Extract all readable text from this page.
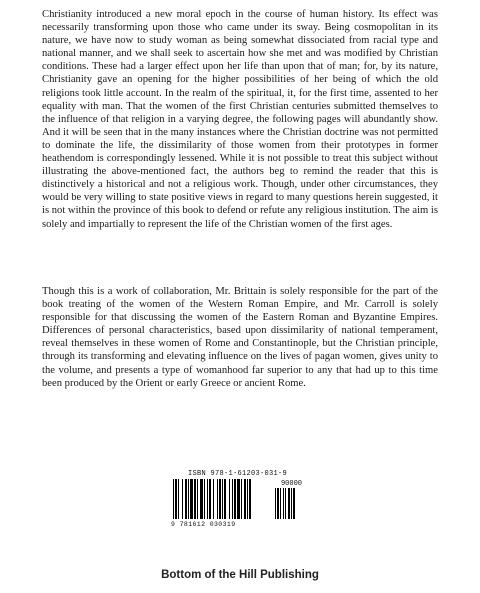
Christianity introduced a new moral epoch in the course of human history. Its effect was necessarily transforming upon those who came under its sway. Being cosmopolitan in its nature, we have now to study woman as being somewhat dissociated from racial type and national manner, and we shall seek to ascertain how she met and was modified by Christian conditions. These had a larger effect upon her life than upon that of man; for, by its nature, Christianity gave an opening for the higher possibilities of her being of which the old religions took little account. In the realm of the spiritual, it, for the first time, assented to her equality with man. That the women of the first Christian centuries submitted themselves to the influence of that religion in a varying degree, the following pages will abundantly show. And it will be seen that in the many instances where the Christian doctrine was not permitted to dominate the life, the dissimilarity of those women from their prototypes in former heathendom is correspondingly lessened. While it is not possible to treat this subject without illustrating the above-mentioned fact, the authors beg to remind the reader that this is distinctively a historical and not a religious work. Though, under other circumstances, they would be very willing to state positive views in regard to many questions herein suggested, it is not within the province of this book to defend or refute any religious institution. The aim is solely and impartially to represent the life of the Christian women of the first ages.

Though this is a work of collaboration, Mr. Brittain is solely responsible for the part of the book treating of the women of the Western Roman Empire, and Mr. Carroll is solely responsible for that discussing the women of the Eastern Roman and Byzantine Empires. Differences of personal characteristics, based upon dissimilarity of national temperament, reveal themselves in these women of Rome and Constantinople, but the Christian principle, through its transforming and elevating influence on the lives of pagan women, gives unity to the volume, and presents a type of womanhood far superior to any that had up to this time been produced by the Orient or early Greece or ancient Rome.

ISBN 978-1-61203-031-9
90000
9 781612 030319
Bottom of the Hill Publishing
